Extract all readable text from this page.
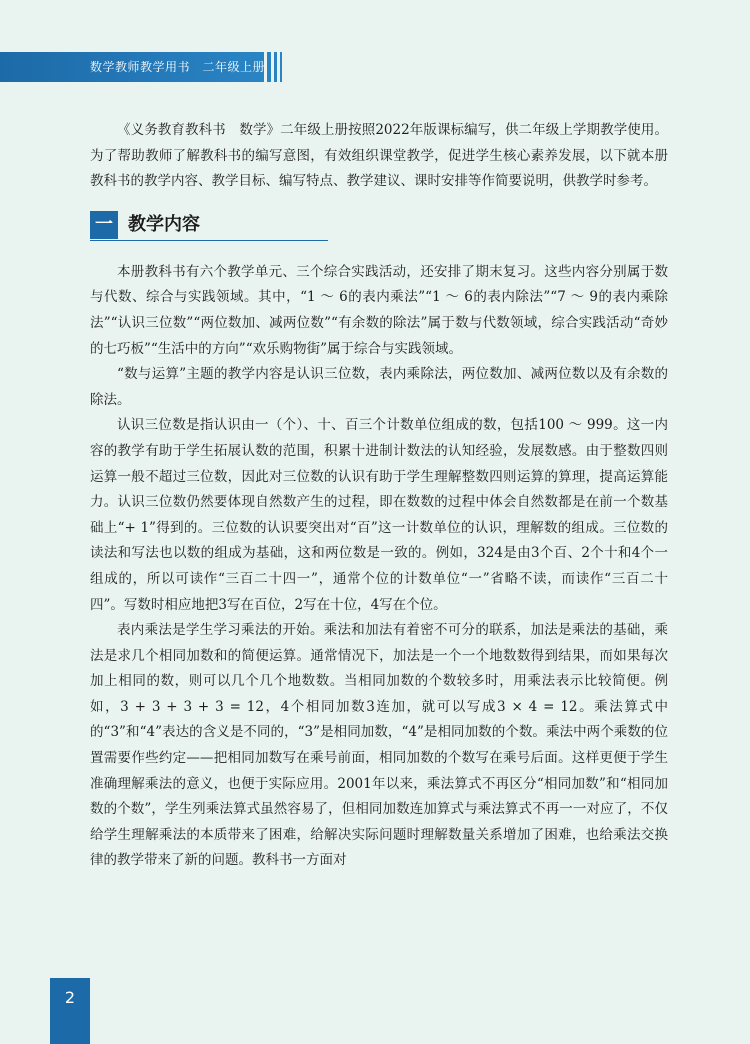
数学教师教学用书　二年级上册

《义务教育教科书　数学》二年级上册按照2022年版课标编写，供二年级上学期教学使用。为了帮助教师了解教科书的编写意图，有效组织课堂教学，促进学生核心素养发展，以下就本册教科书的教学内容、教学目标、编写特点、教学建议、课时安排等作简要说明，供教学时参考。

一 教学内容

本册教科书有六个教学单元、三个综合实践活动，还安排了期末复习。这些内容分别属于数与代数、综合与实践领域。其中，“1 ～ 6的表内乘法”“1 ～ 6的表内除法”“7 ～ 9的表内乘除法”“认识三位数”“两位数加、减两位数”“有余数的除法”属于数与代数领域，综合实践活动“奇妙的七巧板”“生活中的方向”“欢乐购物街”属于综合与实践领域。

“数与运算”主题的教学内容是认识三位数，表内乘除法，两位数加、减两位数以及有余数的除法。

认识三位数是指认识由一（个）、十、百三个计数单位组成的数，包括100 ～ 999。这一内容的教学有助于学生拓展认数的范围，积累十进制计数法的认知经验，发展数感。由于整数四则运算一般不超过三位数，因此对三位数的认识有助于学生理解整数四则运算的算理，提高运算能力。认识三位数仍然要体现自然数产生的过程，即在数数的过程中体会自然数都是在前一个数基础上“+ 1”得到的。三位数的认识要突出对“百”这一计数单位的认识，理解数的组成。三位数的读法和写法也以数的组成为基础，这和两位数是一致的。例如，324是由3个百、2个十和4个一组成的，所以可读作“三百二十四一”，通常个位的计数单位“一”省略不读，而读作“三百二十四”。写数时相应地把3写在百位，2写在十位，4写在个位。

表内乘法是学生学习乘法的开始。乘法和加法有着密不可分的联系，加法是乘法的基础，乘法是求几个相同加数和的简便运算。通常情况下，加法是一个一个地数数得到结果，而如果每次加上相同的数，则可以几个几个地数数。当相同加数的个数较多时，用乘法表示比较简便。例如，3 + 3 + 3 + 3 = 12，4个相同加数3连加，就可以写成3 × 4 = 12。乘法算式中的“3”和“4”表达的含义是不同的，“3”是相同加数，“4”是相同加数的个数。乘法中两个乘数的位置需要作些约定——把相同加数写在乘号前面，相同加数的个数写在乘号后面。这样更便于学生准确理解乘法的意义，也便于实际应用。2001年以来，乘法算式不再区分“相同加数”和“相同加数的个数”，学生列乘法算式虽然容易了，但相同加数连加算式与乘法算式不再一一对应了，不仅给学生理解乘法的本质带来了困难，给解决实际问题时理解数量关系增加了困难，也给乘法交换律的教学带来了新的问题。教科书一方面对

2
